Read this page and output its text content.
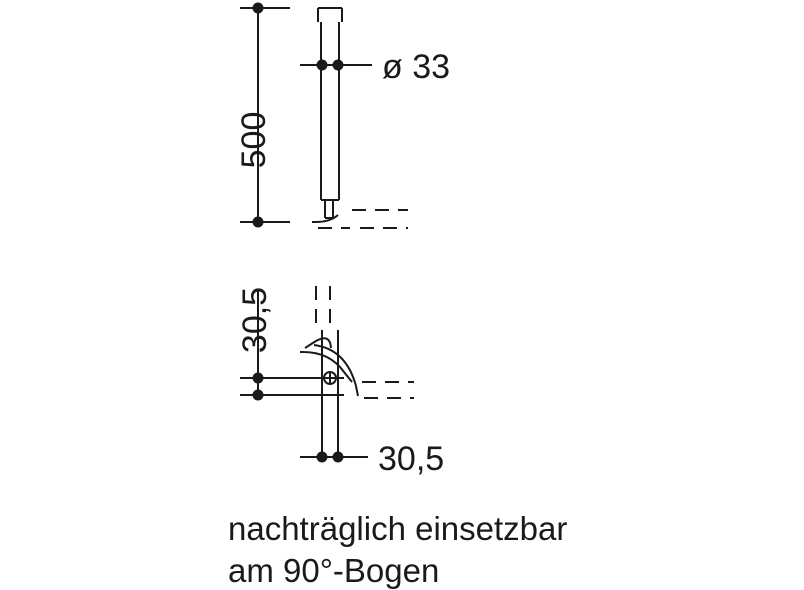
500
ø 33
30,5
30,5
nachträglich einsetzbar
am 90°-Bogen
